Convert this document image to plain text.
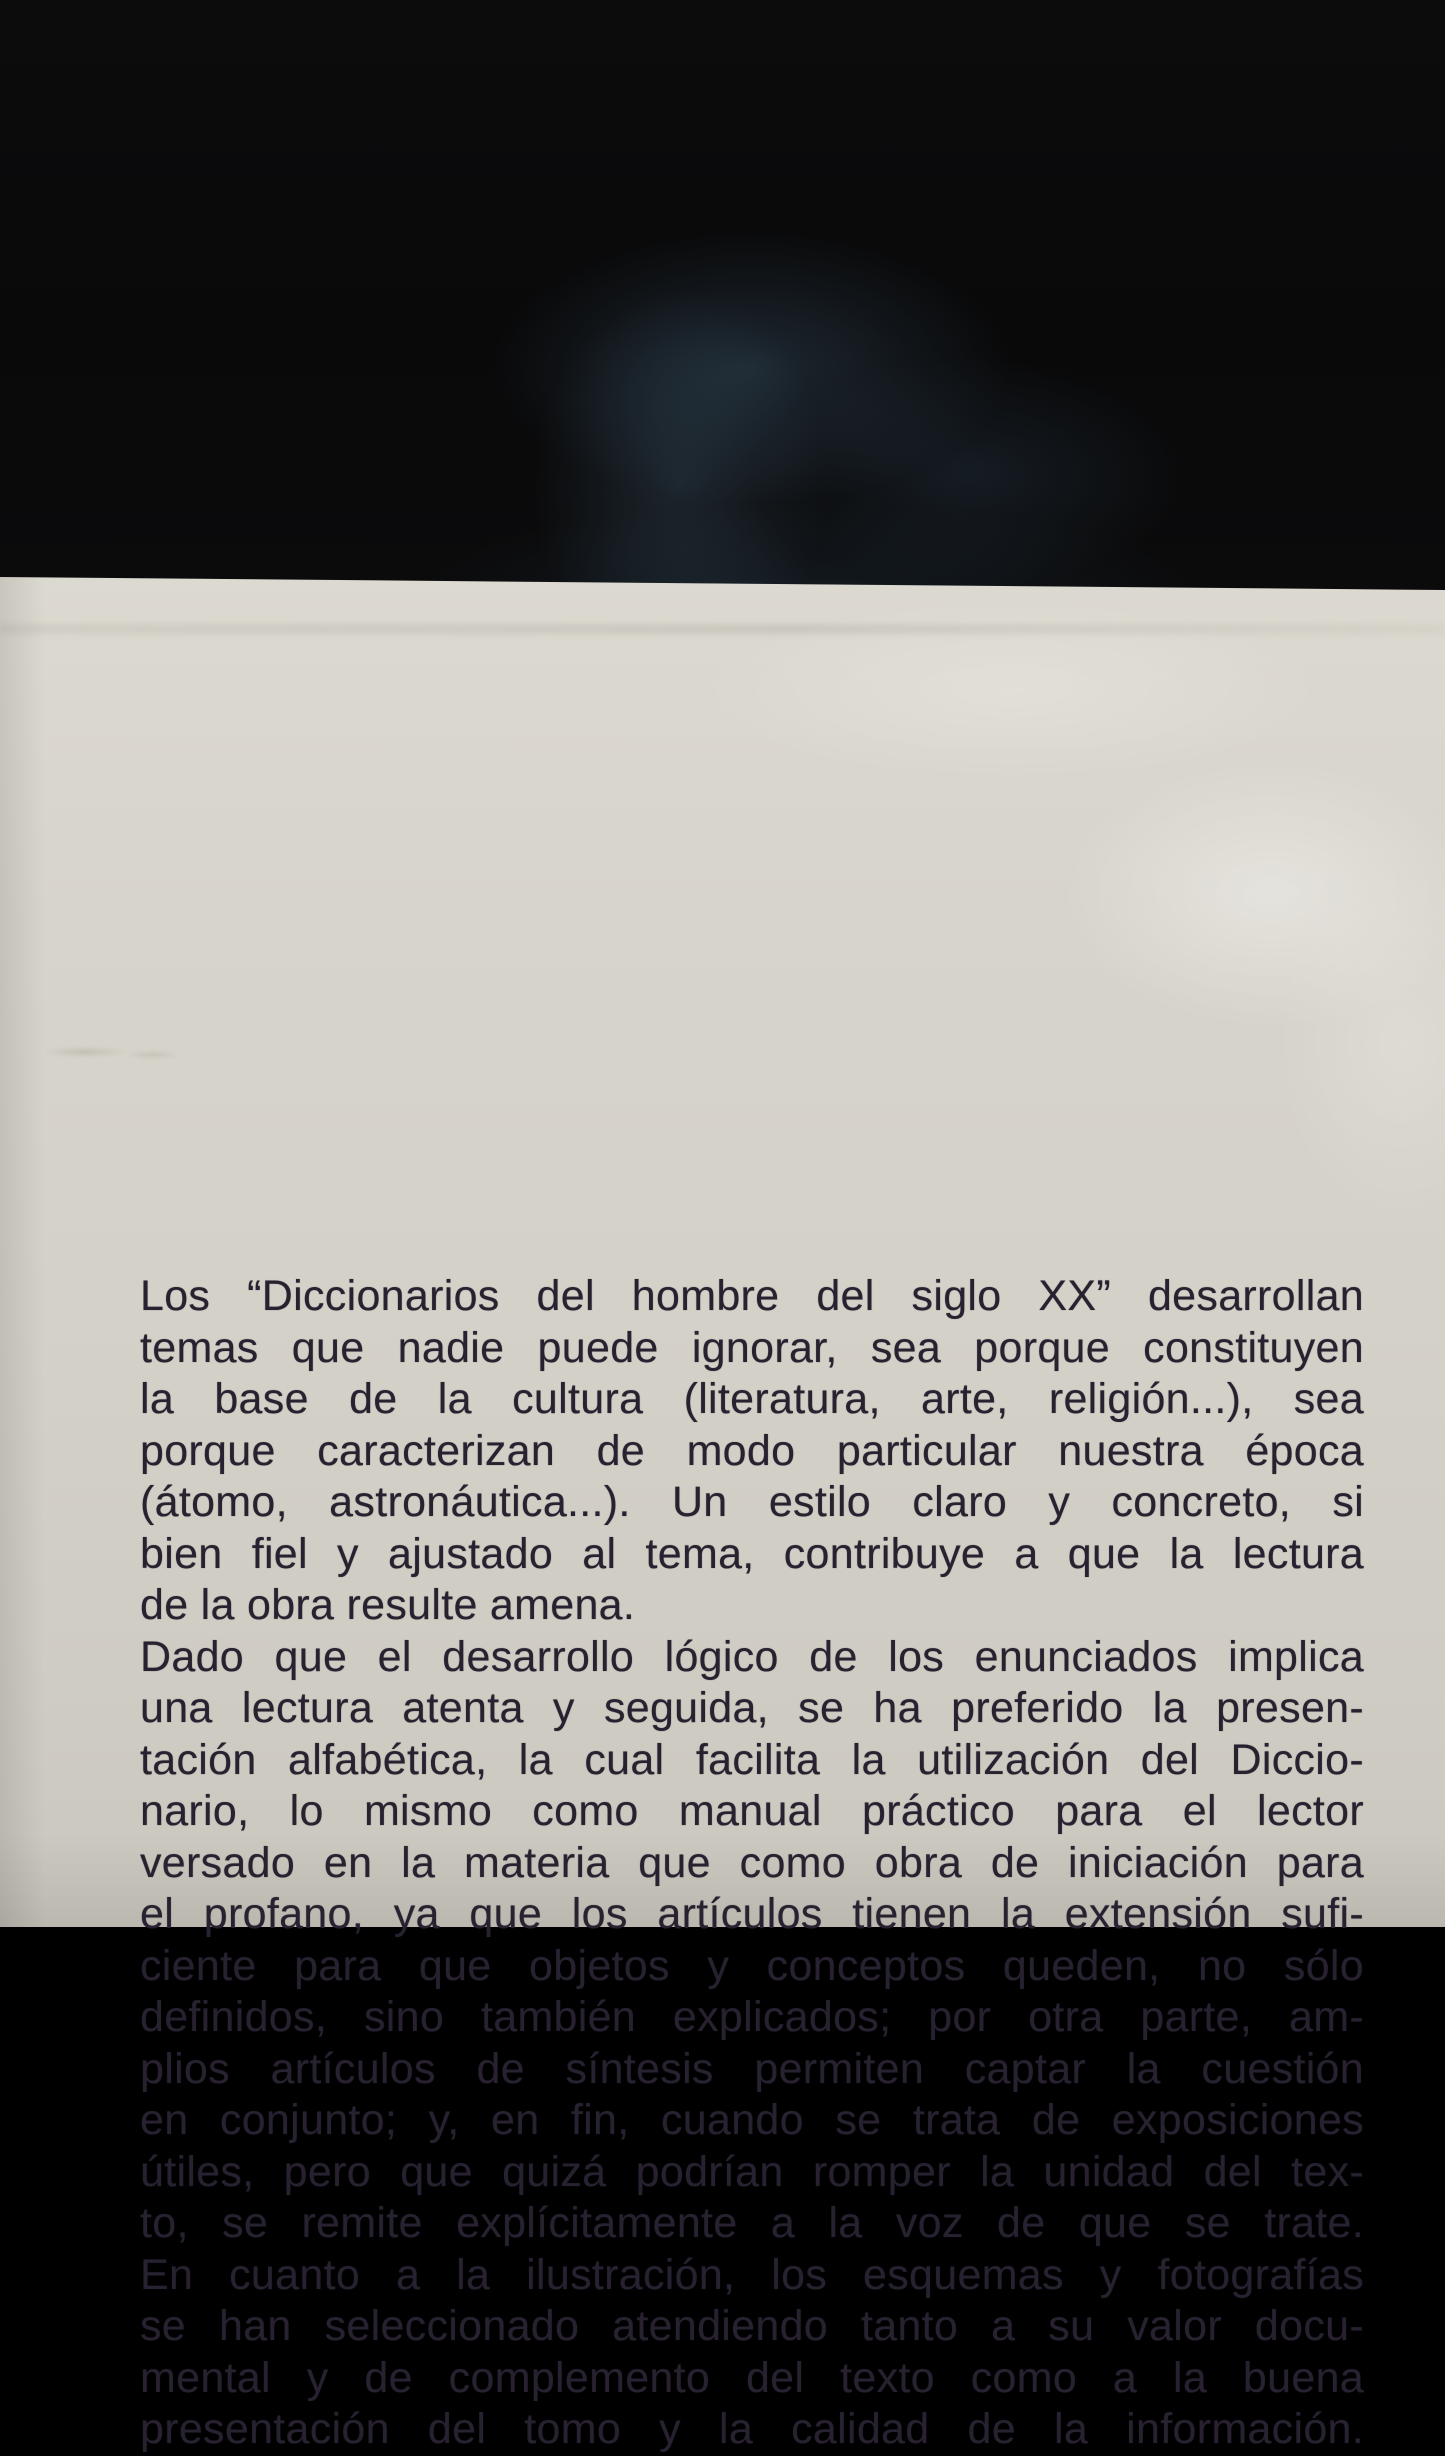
Los “Diccionarios del hombre del siglo XX” desarrollan
temas que nadie puede ignorar, sea porque constituyen
la base de la cultura (literatura, arte, religión...), sea
porque caracterizan de modo particular nuestra época
(átomo, astronáutica...). Un estilo claro y concreto, si
bien fiel y ajustado al tema, contribuye a que la lectura
de la obra resulte amena.
Dado que el desarrollo lógico de los enunciados implica
una lectura atenta y seguida, se ha preferido la presen-
tación alfabética, la cual facilita la utilización del Diccio-
nario, lo mismo como manual práctico para el lector
versado en la materia que como obra de iniciación para
el profano, ya que los artículos tienen la extensión sufi-
ciente para que objetos y conceptos queden, no sólo
definidos, sino también explicados; por otra parte, am-
plios artículos de síntesis permiten captar la cuestión
en conjunto; y, en fin, cuando se trata de exposiciones
útiles, pero que quizá podrían romper la unidad del tex-
to, se remite explícitamente a la voz de que se trate.
En cuanto a la ilustración, los esquemas y fotografías
se han seleccionado atendiendo tanto a su valor docu-
mental y de complemento del texto como a la buena
presentación del tomo y la calidad de la información.
